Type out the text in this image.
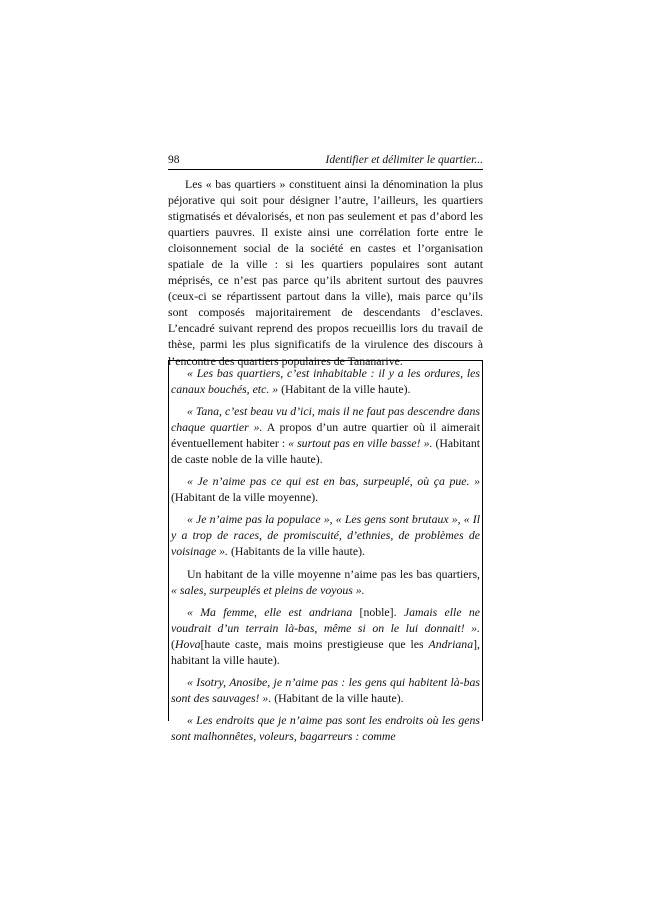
98	Identifier et délimiter le quartier...

Les « bas quartiers » constituent ainsi la dénomination la plus péjorative qui soit pour désigner l’autre, l’ailleurs, les quartiers stigmatisés et dévalorisés, et non pas seulement et pas d’abord les quartiers pauvres. Il existe ainsi une corrélation forte entre le cloisonnement social de la société en castes et l’organisation spatiale de la ville : si les quartiers populaires sont autant méprisés, ce n’est pas parce qu’ils abritent surtout des pauvres (ceux-ci se répartissent partout dans la ville), mais parce qu’ils sont composés majoritairement de descendants d’esclaves. L’encadré suivant reprend des propos recueillis lors du travail de thèse, parmi les plus significatifs de la virulence des discours à l’encontre des quartiers populaires de Tananarive.

« Les bas quartiers, c’est inhabitable : il y a les ordures, les canaux bouchés, etc. » (Habitant de la ville haute).

« Tana, c’est beau vu d’ici, mais il ne faut pas descendre dans chaque quartier ». A propos d’un autre quartier où il aimerait éventuellement habiter : « surtout pas en ville basse! ». (Habitant de caste noble de la ville haute).

« Je n’aime pas ce qui est en bas, surpeuplé, où ça pue. » (Habitant de la ville moyenne).

« Je n’aime pas la populace », « Les gens sont brutaux », « Il y a trop de races, de promiscuité, d’ethnies, de problèmes de voisinage ». (Habitants de la ville haute).

Un habitant de la ville moyenne n’aime pas les bas quartiers, « sales, surpeuplés et pleins de voyous ».

« Ma femme, elle est andriana [noble]. Jamais elle ne voudrait d’un terrain là-bas, même si on le lui donnait! ». (Hova[haute caste, mais moins prestigieuse que les Andriana], habitant la ville haute).

« Isotry, Anosibe, je n’aime pas : les gens qui habitent là-bas sont des sauvages! ». (Habitant de la ville haute).

« Les endroits que je n’aime pas sont les endroits où les gens sont malhonnêtes, voleurs, bagarreurs : comme
